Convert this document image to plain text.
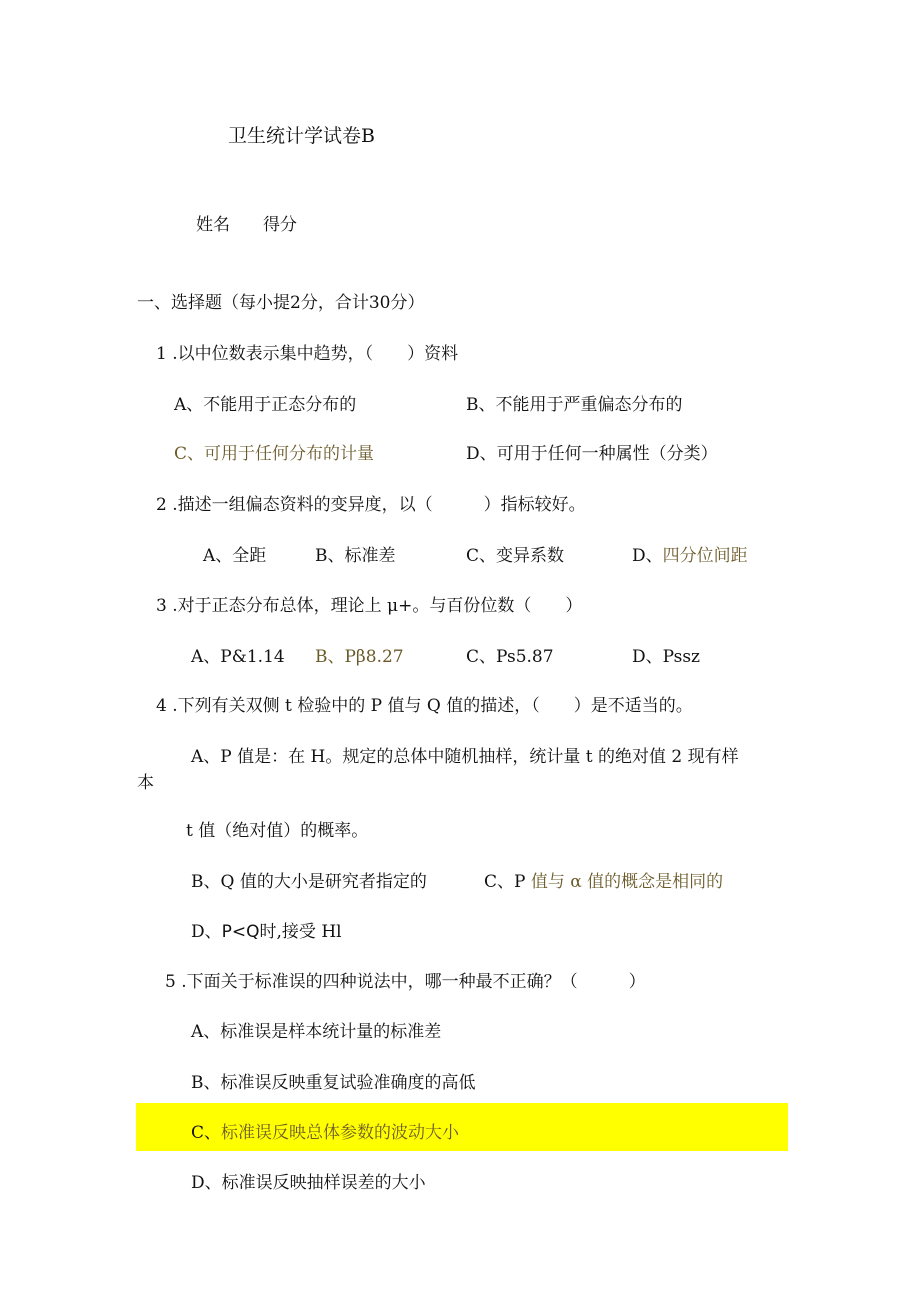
卫生统计学试卷B
姓名 得分
一、选择题（每小提2分，合计30分）
1 .以中位数表示集中趋势，（　　）资料
A、不能用于正态分布的	B、不能用于严重偏态分布的
C、可用于任何分布的计量	D、可用于任何一种属性（分类）
2 .描述一组偏态资料的变异度，以（　　　）指标较好。
A、全距	B、标准差	C、变异系数	D、四分位间距
3 .对于正态分布总体，理论上 μ+。与百份位数（　　）
A、P&1.14 B、Pβ8.27	C、Ps5.87	D、Pssz
4 .下列有关双侧 t 检验中的 P 值与 Q 值的描述，（　　）是不适当的。
A、P 值是：在 H。规定的总体中随机抽样，统计量 t 的绝对值 2 现有样
本
t 值（绝对值）的概率。
B、Q 值的大小是研究者指定的	C、P 值与 α 值的概念是相同的
D、P<Q时,接受 Hl
5 .下面关于标准误的四种说法中，哪一种最不正确？（　　　）
A、标准误是样本统计量的标准差
B、标准误反映重复试验准确度的高低
C、标准误反映总体参数的波动大小
D、标准误反映抽样误差的大小
